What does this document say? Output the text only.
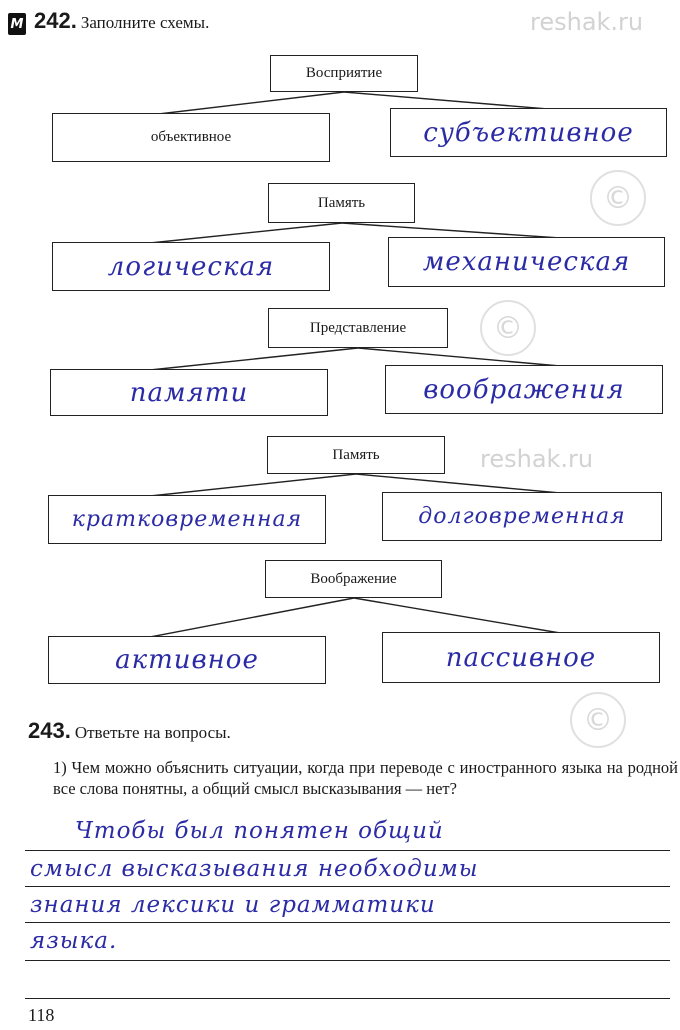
reshak.ru
©
reshak.ru
©
©
М 242. Заполните схемы.
Восприятие
объективное	субъективное
Память
логическая	механическая
Представление
памяти	воображения
Память
кратковременная	долговременная
Воображение
активное	пассивное
243. Ответьте на вопросы.
1) Чем можно объяснить ситуации, когда при переводе с иностранного языка на родной все слова понятны, а общий смысл высказывания — нет?
Чтобы был понятен общий
смысл высказывания необходимы
знания лексики и грамматики
языка.
118
